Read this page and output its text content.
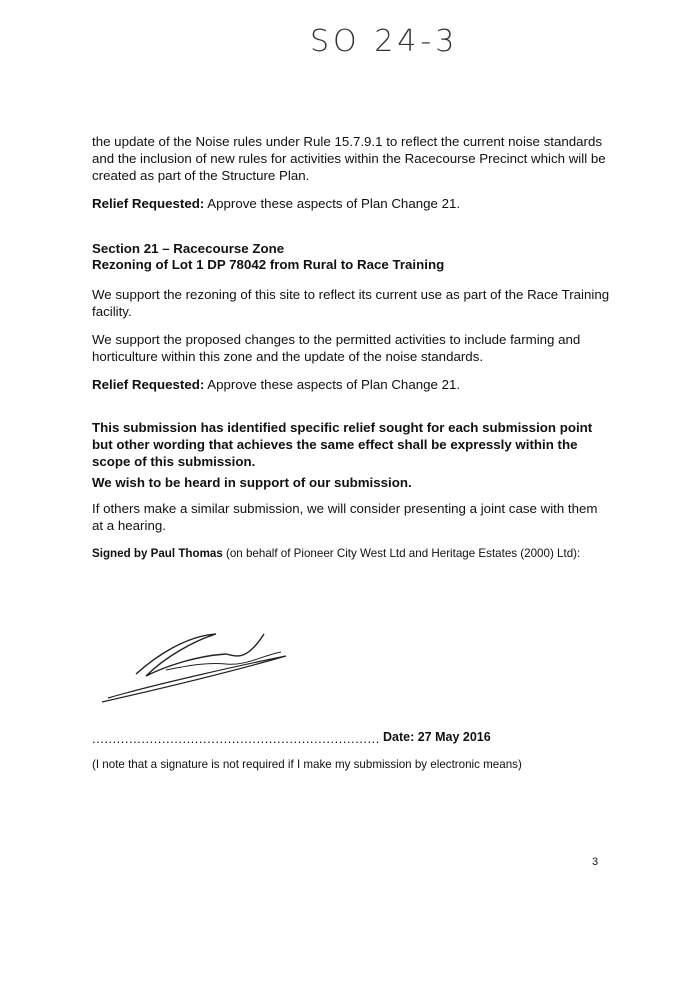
SO 24-3

the update of the Noise rules under Rule 15.7.9.1 to reflect the current noise standards and the inclusion of new rules for activities within the Racecourse Precinct which will be created as part of the Structure Plan.

Relief Requested: Approve these aspects of Plan Change 21.

Section 21 – Racecourse Zone

Rezoning of Lot 1 DP 78042 from Rural to Race Training

We support the rezoning of this site to reflect its current use as part of the Race Training facility.

We support the proposed changes to the permitted activities to include farming and horticulture within this zone and the update of the noise standards.

Relief Requested: Approve these aspects of Plan Change 21.

This submission has identified specific relief sought for each submission point but other wording that achieves the same effect shall be expressly within the scope of this submission.

We wish to be heard in support of our submission.

If others make a similar submission, we will consider presenting a joint case with them at a hearing.

Signed by Paul Thomas (on behalf of Pioneer City West Ltd and Heritage Estates (2000) Ltd):

...................................................................... Date: 27 May 2016

(I note that a signature is not required if I make my submission by electronic means)

3
